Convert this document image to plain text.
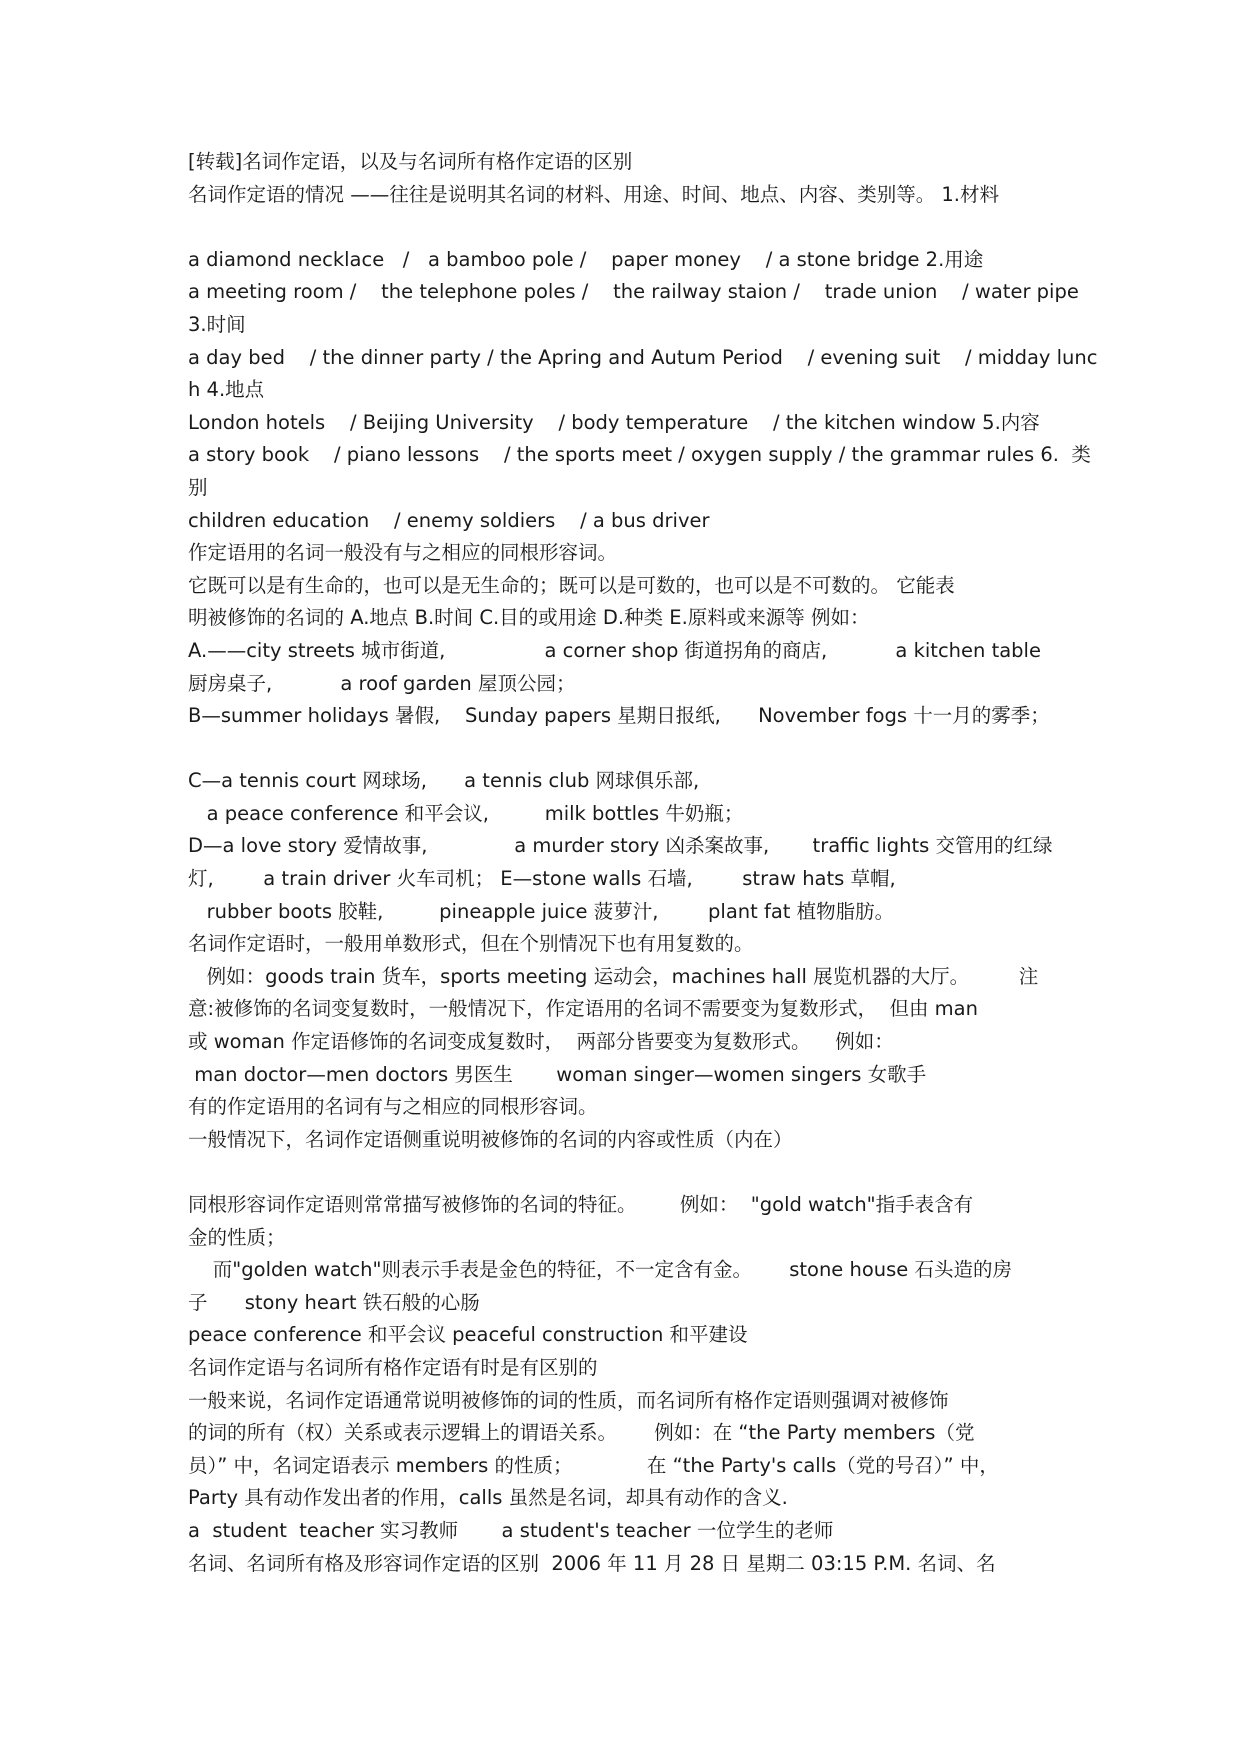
[转载]名词作定语，以及与名词所有格作定语的区别
名词作定语的情况 ——往往是说明其名词的材料、用途、时间、地点、内容、类别等。 1.材料
a diamond necklace   /   a bamboo pole /    paper money    / a stone bridge 2.用途
a meeting room /    the telephone poles /    the railway staion /    trade union    / water pipe
3.时间
a day bed    / the dinner party / the Apring and Autum Period    / evening suit    / midday lunc
h 4.地点
London hotels    / Beijing University    / body temperature    / the kitchen window 5.内容
a story book    / piano lessons    / the sports meet / oxygen supply / the grammar rules 6.  类
别
children education    / enemy soldiers    / a bus driver
作定语用的名词一般没有与之相应的同根形容词。
它既可以是有生命的，也可以是无生命的；既可以是可数的，也可以是不可数的。 它能表
明被修饰的名词的 A.地点 B.时间 C.目的或用途 D.种类 E.原料或来源等 例如：
A.——city streets 城市街道,                a corner shop 街道拐角的商店,           a kitchen table
厨房桌子,           a roof garden 屋顶公园；
B—summer holidays 暑假,    Sunday papers 星期日报纸,      November fogs 十一月的雾季；
C—a tennis court 网球场,      a tennis club 网球俱乐部,
a peace conference 和平会议,         milk bottles 牛奶瓶；
D—a love story 爱情故事,              a murder story 凶杀案故事,       traffic lights 交管用的红绿
灯,        a train driver 火车司机； E—stone walls 石墙,        straw hats 草帽,
rubber boots 胶鞋,         pineapple juice 菠萝汁,        plant fat 植物脂肪。
名词作定语时，一般用单数形式，但在个别情况下也有用复数的。
例如：goods train 货车，sports meeting 运动会，machines hall 展览机器的大厅。        注
意:被修饰的名词变复数时，一般情况下，作定语用的名词不需要变为复数形式，  但由 man
或 woman 作定语修饰的名词变成复数时，  两部分皆要变为复数形式。    例如：
man doctor—men doctors 男医生       woman singer—women singers 女歌手
有的作定语用的名词有与之相应的同根形容词。
一般情况下，名词作定语侧重说明被修饰的名词的内容或性质（内在）
同根形容词作定语则常常描写被修饰的名词的特征。       例如：  "gold watch"指手表含有
金的性质；
而"golden watch"则表示手表是金色的特征，不一定含有金。      stone house 石头造的房
子      stony heart 铁石般的心肠
peace conference 和平会议 peaceful construction 和平建设
名词作定语与名词所有格作定语有时是有区别的
一般来说，名词作定语通常说明被修饰的词的性质，而名词所有格作定语则强调对被修饰
的词的所有（权）关系或表示逻辑上的谓语关系。      例如：在 “the Party members（党
员）” 中，名词定语表示 members 的性质；            在 “the Party's calls（党的号召）” 中，
Party 具有动作发出者的作用，calls 虽然是名词，却具有动作的含义.
a  student  teacher 实习教师       a student's teacher 一位学生的老师
名词、名词所有格及形容词作定语的区别  2006 年 11 月 28 日 星期二 03:15 P.M. 名词、名
